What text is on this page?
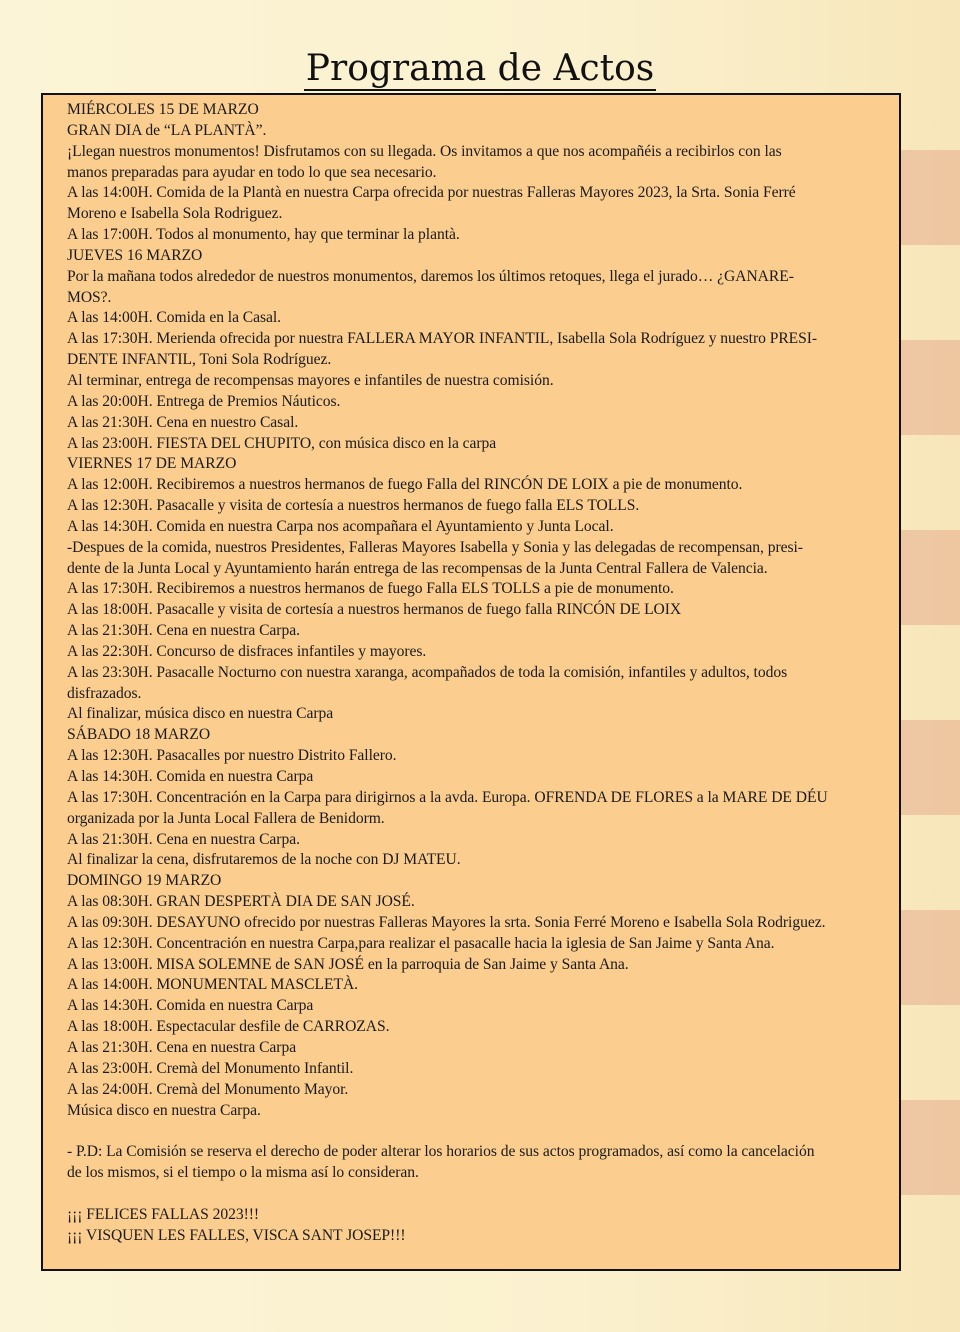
Programa de Actos
MIÉRCOLES 15 DE MARZO
GRAN DIA de “LA PLANTÀ”.
¡Llegan nuestros monumentos! Disfrutamos con su llegada. Os invitamos a que nos acompañéis a recibirlos con las
manos preparadas para ayudar en todo lo que sea necesario.
A las 14:00H. Comida de la Plantà en nuestra Carpa ofrecida por nuestras Falleras Mayores 2023, la Srta. Sonia Ferré
Moreno e Isabella Sola Rodriguez.
A las 17:00H. Todos al monumento, hay que terminar la plantà.
JUEVES 16 MARZO
Por la mañana todos alrededor de nuestros monumentos, daremos los últimos retoques, llega el jurado… ¿GANARE-
MOS?.
A las 14:00H. Comida en la Casal.
A las 17:30H. Merienda ofrecida por nuestra FALLERA MAYOR INFANTIL, Isabella Sola Rodríguez y nuestro PRESI-
DENTE INFANTIL, Toni Sola Rodríguez.
Al terminar, entrega de recompensas mayores e infantiles de nuestra comisión.
A las 20:00H. Entrega de Premios Náuticos.
A las 21:30H. Cena en nuestro Casal.
A las 23:00H. FIESTA DEL CHUPITO, con música disco en la carpa
VIERNES 17 DE MARZO
A las 12:00H. Recibiremos a nuestros hermanos de fuego Falla del RINCÓN DE LOIX a pie de monumento.
A las 12:30H. Pasacalle y visita de cortesía a nuestros hermanos de fuego falla ELS TOLLS.
A las 14:30H. Comida en nuestra Carpa nos acompañara el Ayuntamiento y Junta Local.
-Despues de la comida, nuestros Presidentes, Falleras Mayores Isabella y Sonia y las delegadas de recompensan, presi-
dente de la Junta Local y Ayuntamiento harán entrega de las recompensas de la Junta Central Fallera de Valencia.
A las 17:30H. Recibiremos a nuestros hermanos de fuego Falla ELS TOLLS a pie de monumento.
A las 18:00H. Pasacalle y visita de cortesía a nuestros hermanos de fuego falla RINCÓN DE LOIX
A las 21:30H. Cena en nuestra Carpa.
A las 22:30H. Concurso de disfraces infantiles y mayores.
A las 23:30H. Pasacalle Nocturno con nuestra xaranga, acompañados de toda la comisión, infantiles y adultos, todos
disfrazados.
Al finalizar, música disco en nuestra Carpa
SÁBADO 18 MARZO
A las 12:30H. Pasacalles por nuestro Distrito Fallero.
A las 14:30H. Comida en nuestra Carpa
A las 17:30H. Concentración en la Carpa para dirigirnos a la avda. Europa. OFRENDA DE FLORES a la MARE DE DÉU
organizada por la Junta Local Fallera de Benidorm.
A las 21:30H. Cena en nuestra Carpa.
Al finalizar la cena, disfrutaremos de la noche con DJ MATEU.
DOMINGO 19 MARZO
A las 08:30H. GRAN DESPERTÀ DIA DE SAN JOSÉ.
A las 09:30H. DESAYUNO ofrecido por nuestras Falleras Mayores la srta. Sonia Ferré Moreno e Isabella Sola Rodriguez.
A las 12:30H. Concentración en nuestra Carpa,para realizar el pasacalle hacia la iglesia de San Jaime y Santa Ana.
A las 13:00H. MISA SOLEMNE de SAN JOSÉ en la parroquia de San Jaime y Santa Ana.
A las 14:00H. MONUMENTAL MASCLETÀ.
A las 14:30H. Comida en nuestra Carpa
A las 18:00H. Espectacular desfile de CARROZAS.
A las 21:30H. Cena en nuestra Carpa
A las 23:00H. Cremà del Monumento Infantil.
A las 24:00H. Cremà del Monumento Mayor.
Música disco en nuestra Carpa.
- P.D: La Comisión se reserva el derecho de poder alterar los horarios de sus actos programados, así como la cancelación
de los mismos, si el tiempo o la misma así lo consideran.
¡¡¡ FELICES FALLAS 2023!!!
¡¡¡ VISQUEN LES FALLES, VISCA SANT JOSEP!!!
